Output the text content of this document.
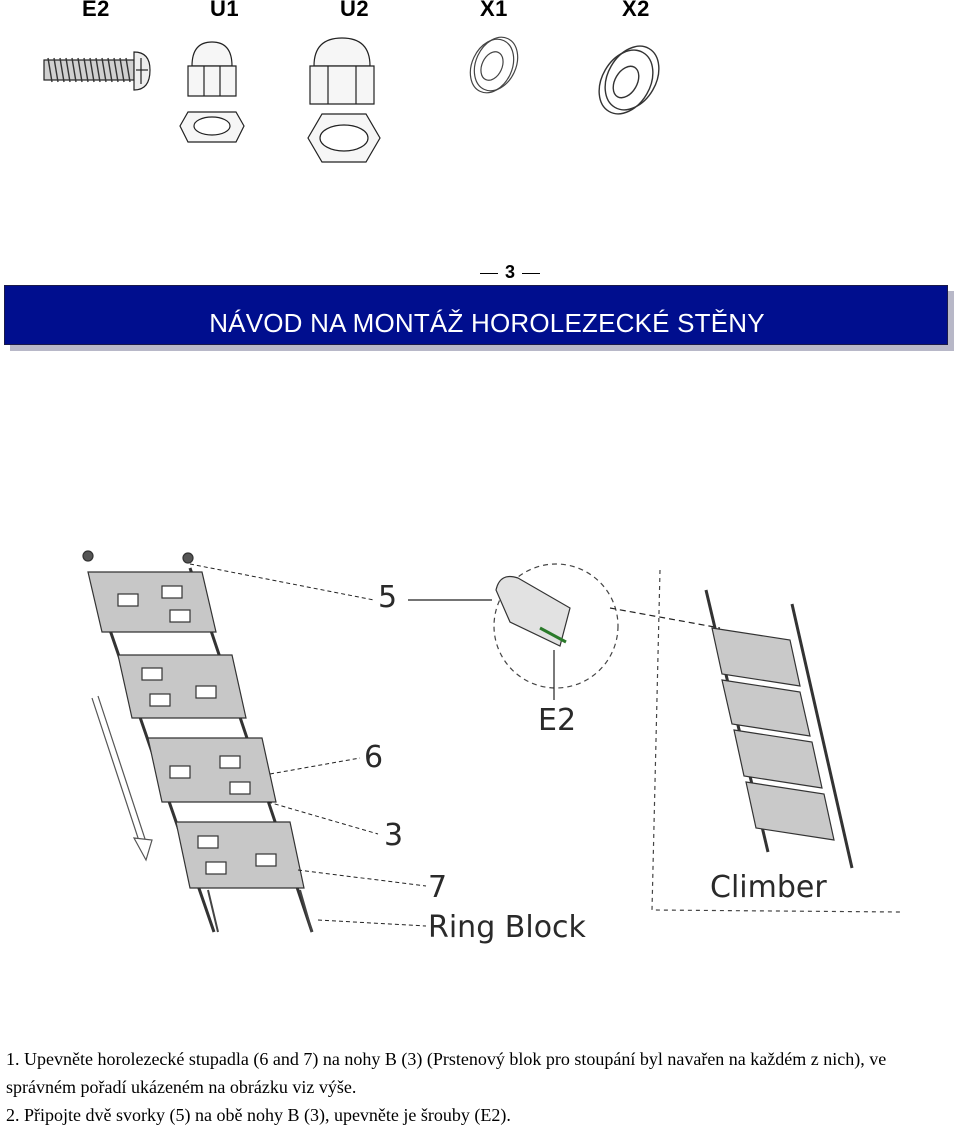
E2	U1	U2	X1	X2
3
NÁVOD NA MONTÁŽ HOROLEZECKÉ STĚNY
5
E2
6
3
7
Ring Block
Climber

1. Upevněte horolezecké stupadla (6 and 7) na nohy B (3) (Prstenový blok pro stoupání byl navařen na každém z nich), ve

správném pořadí ukázeném na obrázku viz výše.

2. Připojte dvě svorky (5) na obě nohy B (3), upevněte je šrouby (E2).
